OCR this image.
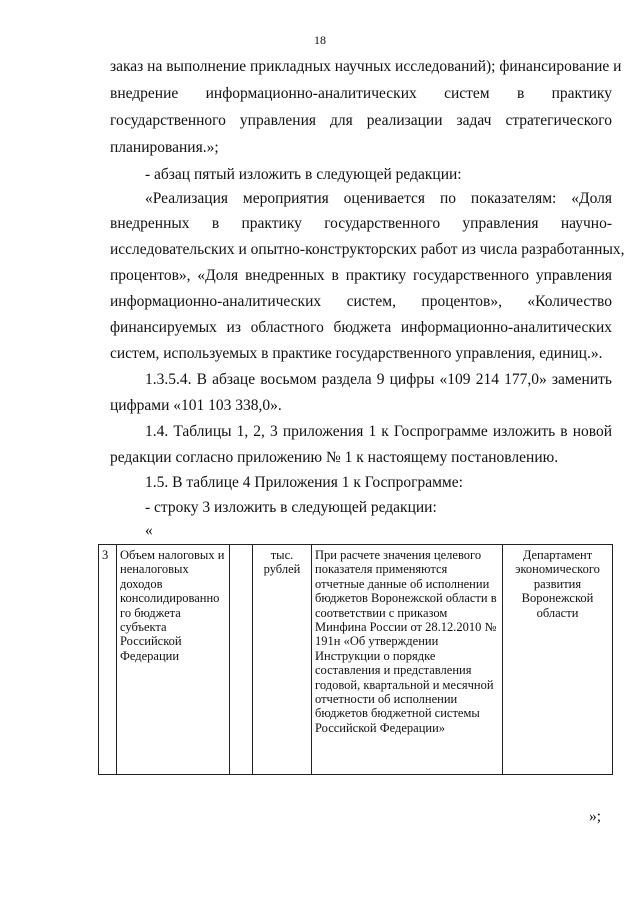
18
заказ на выполнение прикладных научных исследований); финансирование и
внедрение информационно-аналитических систем в практику
государственного управления для реализации задач стратегического
планирования.»;
- абзац пятый изложить в следующей редакции:
«Реализация мероприятия оценивается по показателям: «Доля
внедренных в практику государственного управления научно-
исследовательских и опытно-конструкторских работ из числа разработанных,
процентов», «Доля внедренных в практику государственного управления
информационно-аналитических систем, процентов», «Количество
финансируемых из областного бюджета информационно-аналитических
систем, используемых в практике государственного управления, единиц.».
1.3.5.4. В абзаце восьмом раздела 9 цифры «109 214 177,0» заменить
цифрами «101 103 338,0».
1.4. Таблицы 1, 2, 3 приложения 1 к Госпрограмме изложить в новой
редакции согласно приложению № 1 к настоящему постановлению.
1.5. В таблице 4 Приложения 1 к Госпрограмме:
- строку 3 изложить в следующей редакции:
«
3	Объем налоговых и неналоговых доходов консолидированно го бюджета субъекта Российской Федерации		тыс. рублей	При расчете значения целевого показателя применяются отчетные данные об исполнении бюджетов Воронежской области в соответствии с приказом Минфина России от 28.12.2010 № 191н «Об утверждении Инструкции о порядке составления и представления годовой, квартальной и месячной отчетности об исполнении бюджетов бюджетной системы Российской Федерации»	Департамент экономического развития Воронежской области
»;
